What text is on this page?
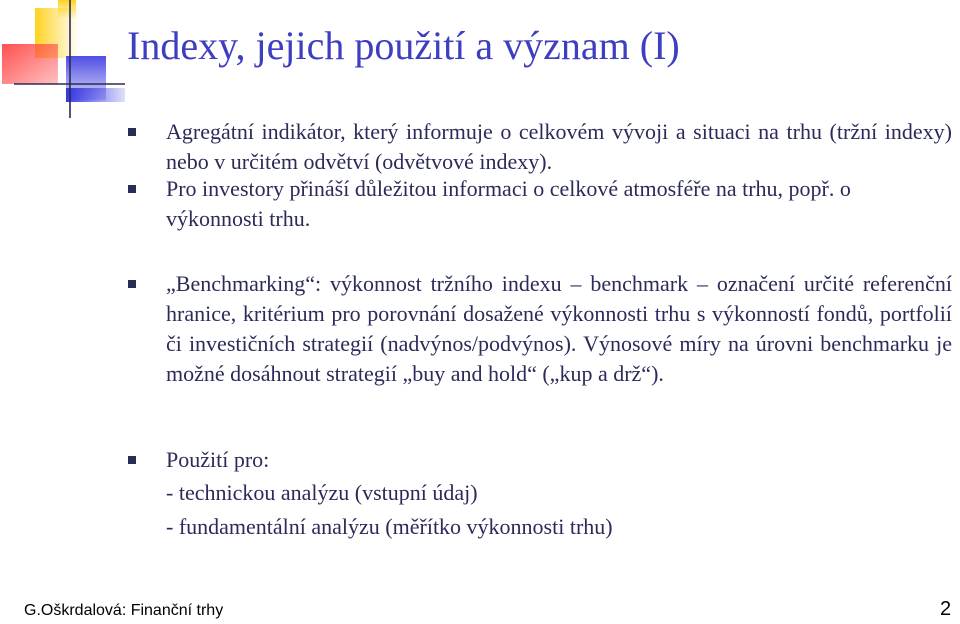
Indexy, jejich použití a význam (I)

Agregátní indikátor, který informuje o celkovém vývoji a situaci na trhu (tržní indexy) nebo v určitém odvětví (odvětvové indexy).

Pro investory přináší důležitou informaci o celkové atmosféře na trhu, popř. o výkonnosti trhu.

„Benchmarking“: výkonnost tržního indexu – benchmark – označení určité referenční hranice, kritérium pro porovnání dosažené výkonnosti trhu s výkonností fondů, portfolií či investičních strategií (nadvýnos/podvýnos). Výnosové míry na úrovni benchmarku je možné dosáhnout strategií „buy and hold“ („kup a drž“).

Použití pro:

- technickou analýzu (vstupní údaj)
- fundamentální analýzu (měřítko výkonnosti trhu)
G.Oškrdalová: Finanční trhy	2
